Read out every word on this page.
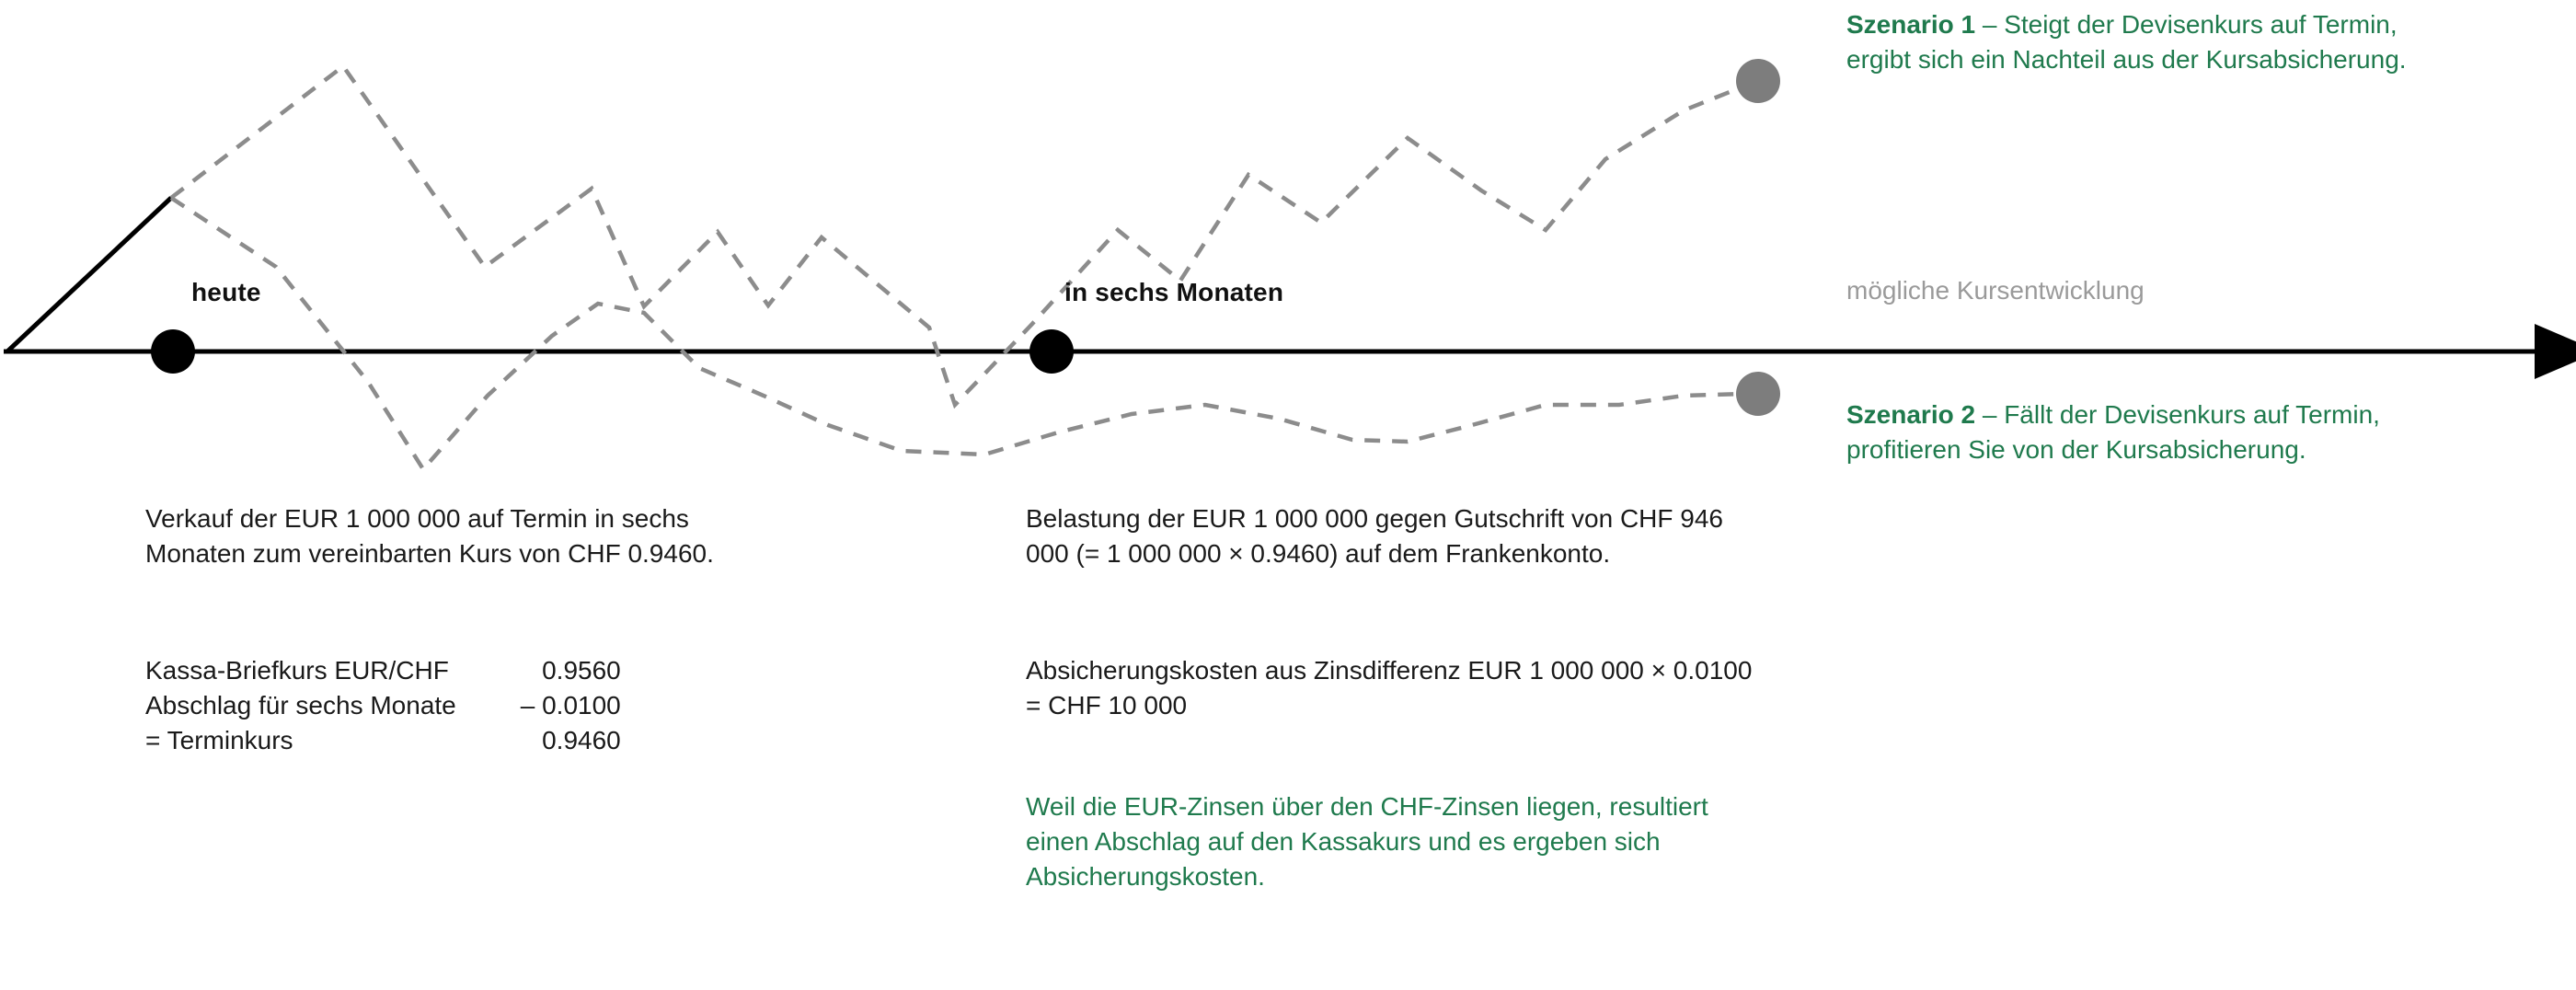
heute	in sechs Monaten	mögliche Kursentwicklung
Szenario 1 – Steigt der Devisenkurs auf Termin, ergibt sich ein Nachteil aus der Kursabsicherung.
Szenario 2 – Fällt der Devisenkurs auf Termin, profitieren Sie von der Kursabsicherung.
Verkauf der EUR 1 000 000 auf Termin in sechs Monaten zum vereinbarten Kurs von CHF 0.9460.
Kassa-Briefkurs EUR/CHF	0.9560
Abschlag für sechs Monate	– 0.0100
= Terminkurs	0.9460
Belastung der EUR 1 000 000 gegen Gutschrift von CHF 946 000 (= 1 000 000 × 0.9460) auf dem Frankenkonto.
Absicherungskosten aus Zinsdifferenz EUR 1 000 000 × 0.0100 = CHF 10 000
Weil die EUR-Zinsen über den CHF-Zinsen liegen, resultiert einen Abschlag auf den Kassakurs und es ergeben sich Absicherungskosten.
